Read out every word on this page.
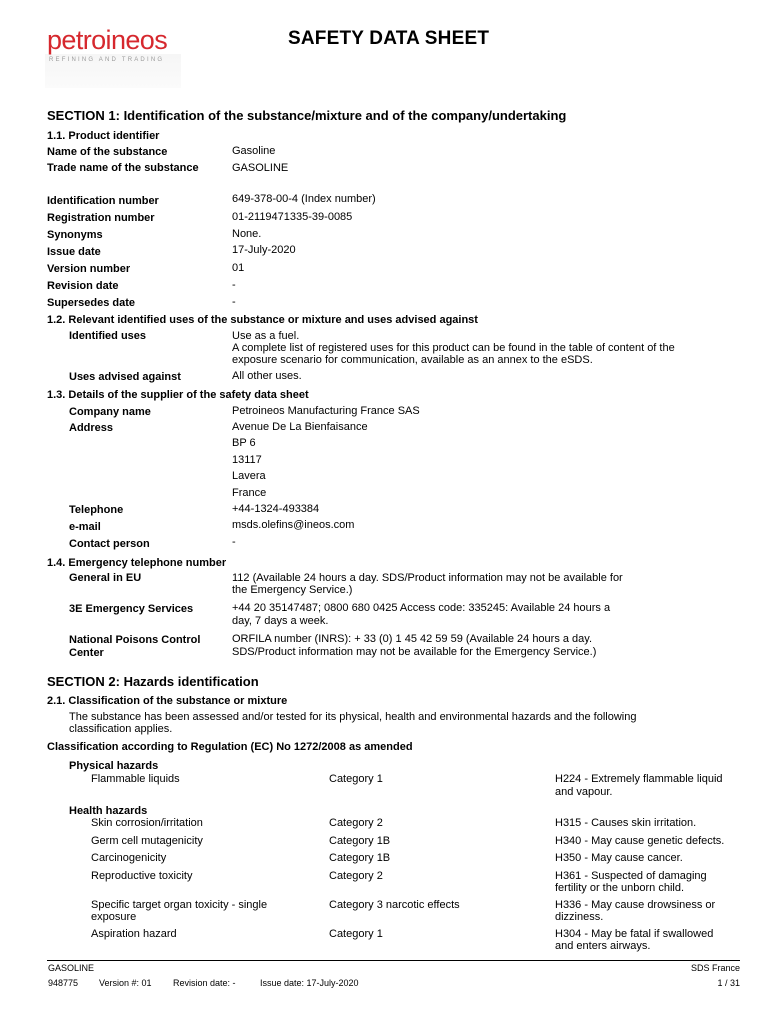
petroineos
REFINING AND TRADING
SAFETY DATA SHEET
SECTION 1: Identification of the substance/mixture and of the company/undertaking
1.1. Product identifier
Name of the substance	Gasoline
Trade name of the substance	GASOLINE
Identification number	649-378-00-4 (Index number)
Registration number	01-2119471335-39-0085
Synonyms	None.
Issue date	17-July-2020
Version number	01
Revision date	-
Supersedes date	-
1.2. Relevant identified uses of the substance or mixture and uses advised against
Identified uses	Use as a fuel.
A complete list of registered uses for this product can be found in the table of content of the
exposure scenario for communication, available as an annex to the eSDS.
Uses advised against	All other uses.
1.3. Details of the supplier of the safety data sheet
Company name	Petroineos Manufacturing France SAS
Address	Avenue De La Bienfaisance
BP 6
13117
Lavera
France
Telephone	+44-1324-493384
e-mail	msds.olefins@ineos.com
Contact person	-
1.4. Emergency telephone number
General in EU	112 (Available 24 hours a day. SDS/Product information may not be available for
the Emergency Service.)
3E Emergency Services	+44 20 35147487; 0800 680 0425 Access code: 335245: Available 24 hours a
day, 7 days a week.
National Poisons Control Center
ORFILA number (INRS): + 33 (0) 1 45 42 59 59 (Available 24 hours a day.
SDS/Product information may not be available for the Emergency Service.)
SECTION 2: Hazards identification
2.1. Classification of the substance or mixture
The substance has been assessed and/or tested for its physical, health and environmental hazards and the following
classification applies.
Classification according to Regulation (EC) No 1272/2008 as amended
Physical hazards
Flammable liquids	Category 1	H224 - Extremely flammable liquid
and vapour.
Health hazards
Skin corrosion/irritation	Category 2	H315 - Causes skin irritation.
Germ cell mutagenicity	Category 1B	H340 - May cause genetic defects.
Carcinogenicity	Category 1B	H350 - May cause cancer.
Reproductive toxicity	Category 2	H361 - Suspected of damaging
fertility or the unborn child.
Specific target organ toxicity - single
exposure
Category 3 narcotic effects	H336 - May cause drowsiness or
dizziness.
Aspiration hazard	Category 1	H304 - May be fatal if swallowed
and enters airways.
GASOLINE	SDS France
948775 Version #: 01 Revision date: -	Issue date: 17-July-2020	1 / 31
